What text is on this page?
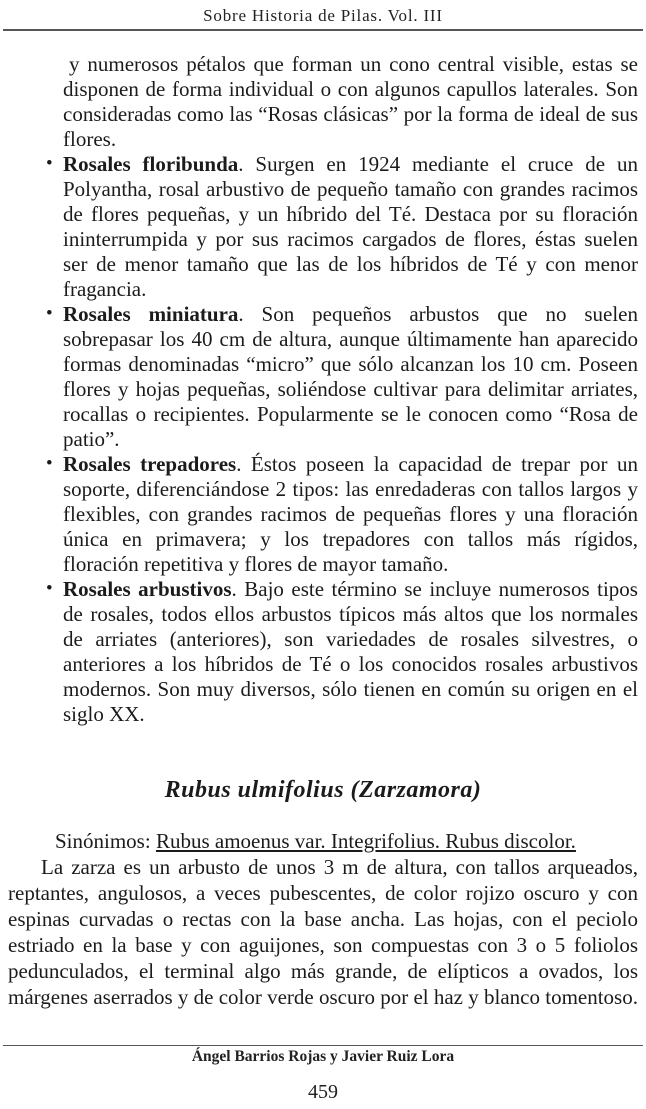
Sobre Historia de Pilas. Vol. III

y numerosos pétalos que forman un cono central visible, estas se disponen de forma individual o con algunos capullos laterales. Son consideradas como las “Rosas clásicas” por la forma de ideal de sus flores.

• Rosales floribunda. Surgen en 1924 mediante el cruce de un Polyantha, rosal arbustivo de pequeño tamaño con grandes racimos de flores pequeñas, y un híbrido del Té. Destaca por su floración ininterrumpida y por sus racimos cargados de flores, éstas suelen ser de menor tamaño que las de los híbridos de Té y con menor fragancia.
• Rosales miniatura. Son pequeños arbustos que no suelen sobrepasar los 40 cm de altura, aunque últimamente han aparecido formas denominadas “micro” que sólo alcanzan los 10 cm. Poseen flores y hojas pequeñas, soliéndose cultivar para delimitar arriates, rocallas o recipientes. Popularmente se le conocen como “Rosa de patio”.
• Rosales trepadores. Éstos poseen la capacidad de trepar por un soporte, diferenciándose 2 tipos: las enredaderas con tallos largos y flexibles, con grandes racimos de pequeñas flores y una floración única en primavera; y los trepadores con tallos más rígidos, floración repetitiva y flores de mayor tamaño.
• Rosales arbustivos. Bajo este término se incluye numerosos tipos de rosales, todos ellos arbustos típicos más altos que los normales de arriates (anteriores), son variedades de rosales silvestres, o anteriores a los híbridos de Té o los conocidos rosales arbustivos modernos. Son muy diversos, sólo tienen en común su origen en el siglo XX.
Rubus ulmifolius (Zarzamora)

Sinónimos: Rubus amoenus var. Integrifolius. Rubus discolor.

La zarza es un arbusto de unos 3 m de altura, con tallos arqueados, reptantes, angulosos, a veces pubescentes, de color rojizo oscuro y con espinas curvadas o rectas con la base ancha. Las hojas, con el peciolo estriado en la base y con aguijones, son compuestas con 3 o 5 foliolos pedunculados, el terminal algo más grande, de elípticos a ovados, los márgenes aserrados y de color verde oscuro por el haz y blanco tomentoso.

Ángel Barrios Rojas y Javier Ruiz Lora
459
